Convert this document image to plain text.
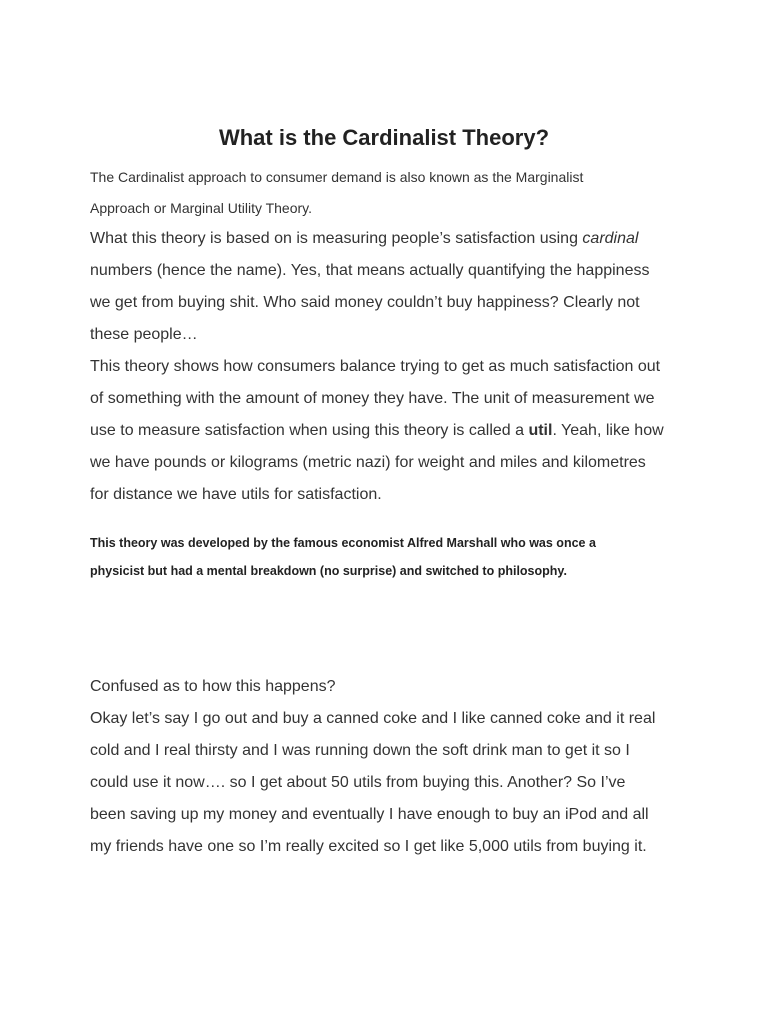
What is the Cardinalist Theory?

The Cardinalist approach to consumer demand is also known as the Marginalist

Approach or Marginal Utility Theory.

What this theory is based on is measuring people’s satisfaction using cardinal

numbers (hence the name). Yes, that means actually quantifying the happiness

we get from buying shit. Who said money couldn’t buy happiness? Clearly not

these people…

This theory shows how consumers balance trying to get as much satisfaction out

of something with the amount of money they have. The unit of measurement we

use to measure satisfaction when using this theory is called a util. Yeah, like how

we have pounds or kilograms (metric nazi) for weight and miles and kilometres

for distance we have utils for satisfaction.

This theory was developed by the famous economist Alfred Marshall who was once a

physicist but had a mental breakdown (no surprise) and switched to philosophy.

Confused as to how this happens?

Okay let’s say I go out and buy a canned coke and I like canned coke and it real

cold and I real thirsty and I was running down the soft drink man to get it so I

could use it now…. so I get about 50 utils from buying this. Another? So I’ve

been saving up my money and eventually I have enough to buy an iPod and all

my friends have one so I’m really excited so I get like 5,000 utils from buying it.
